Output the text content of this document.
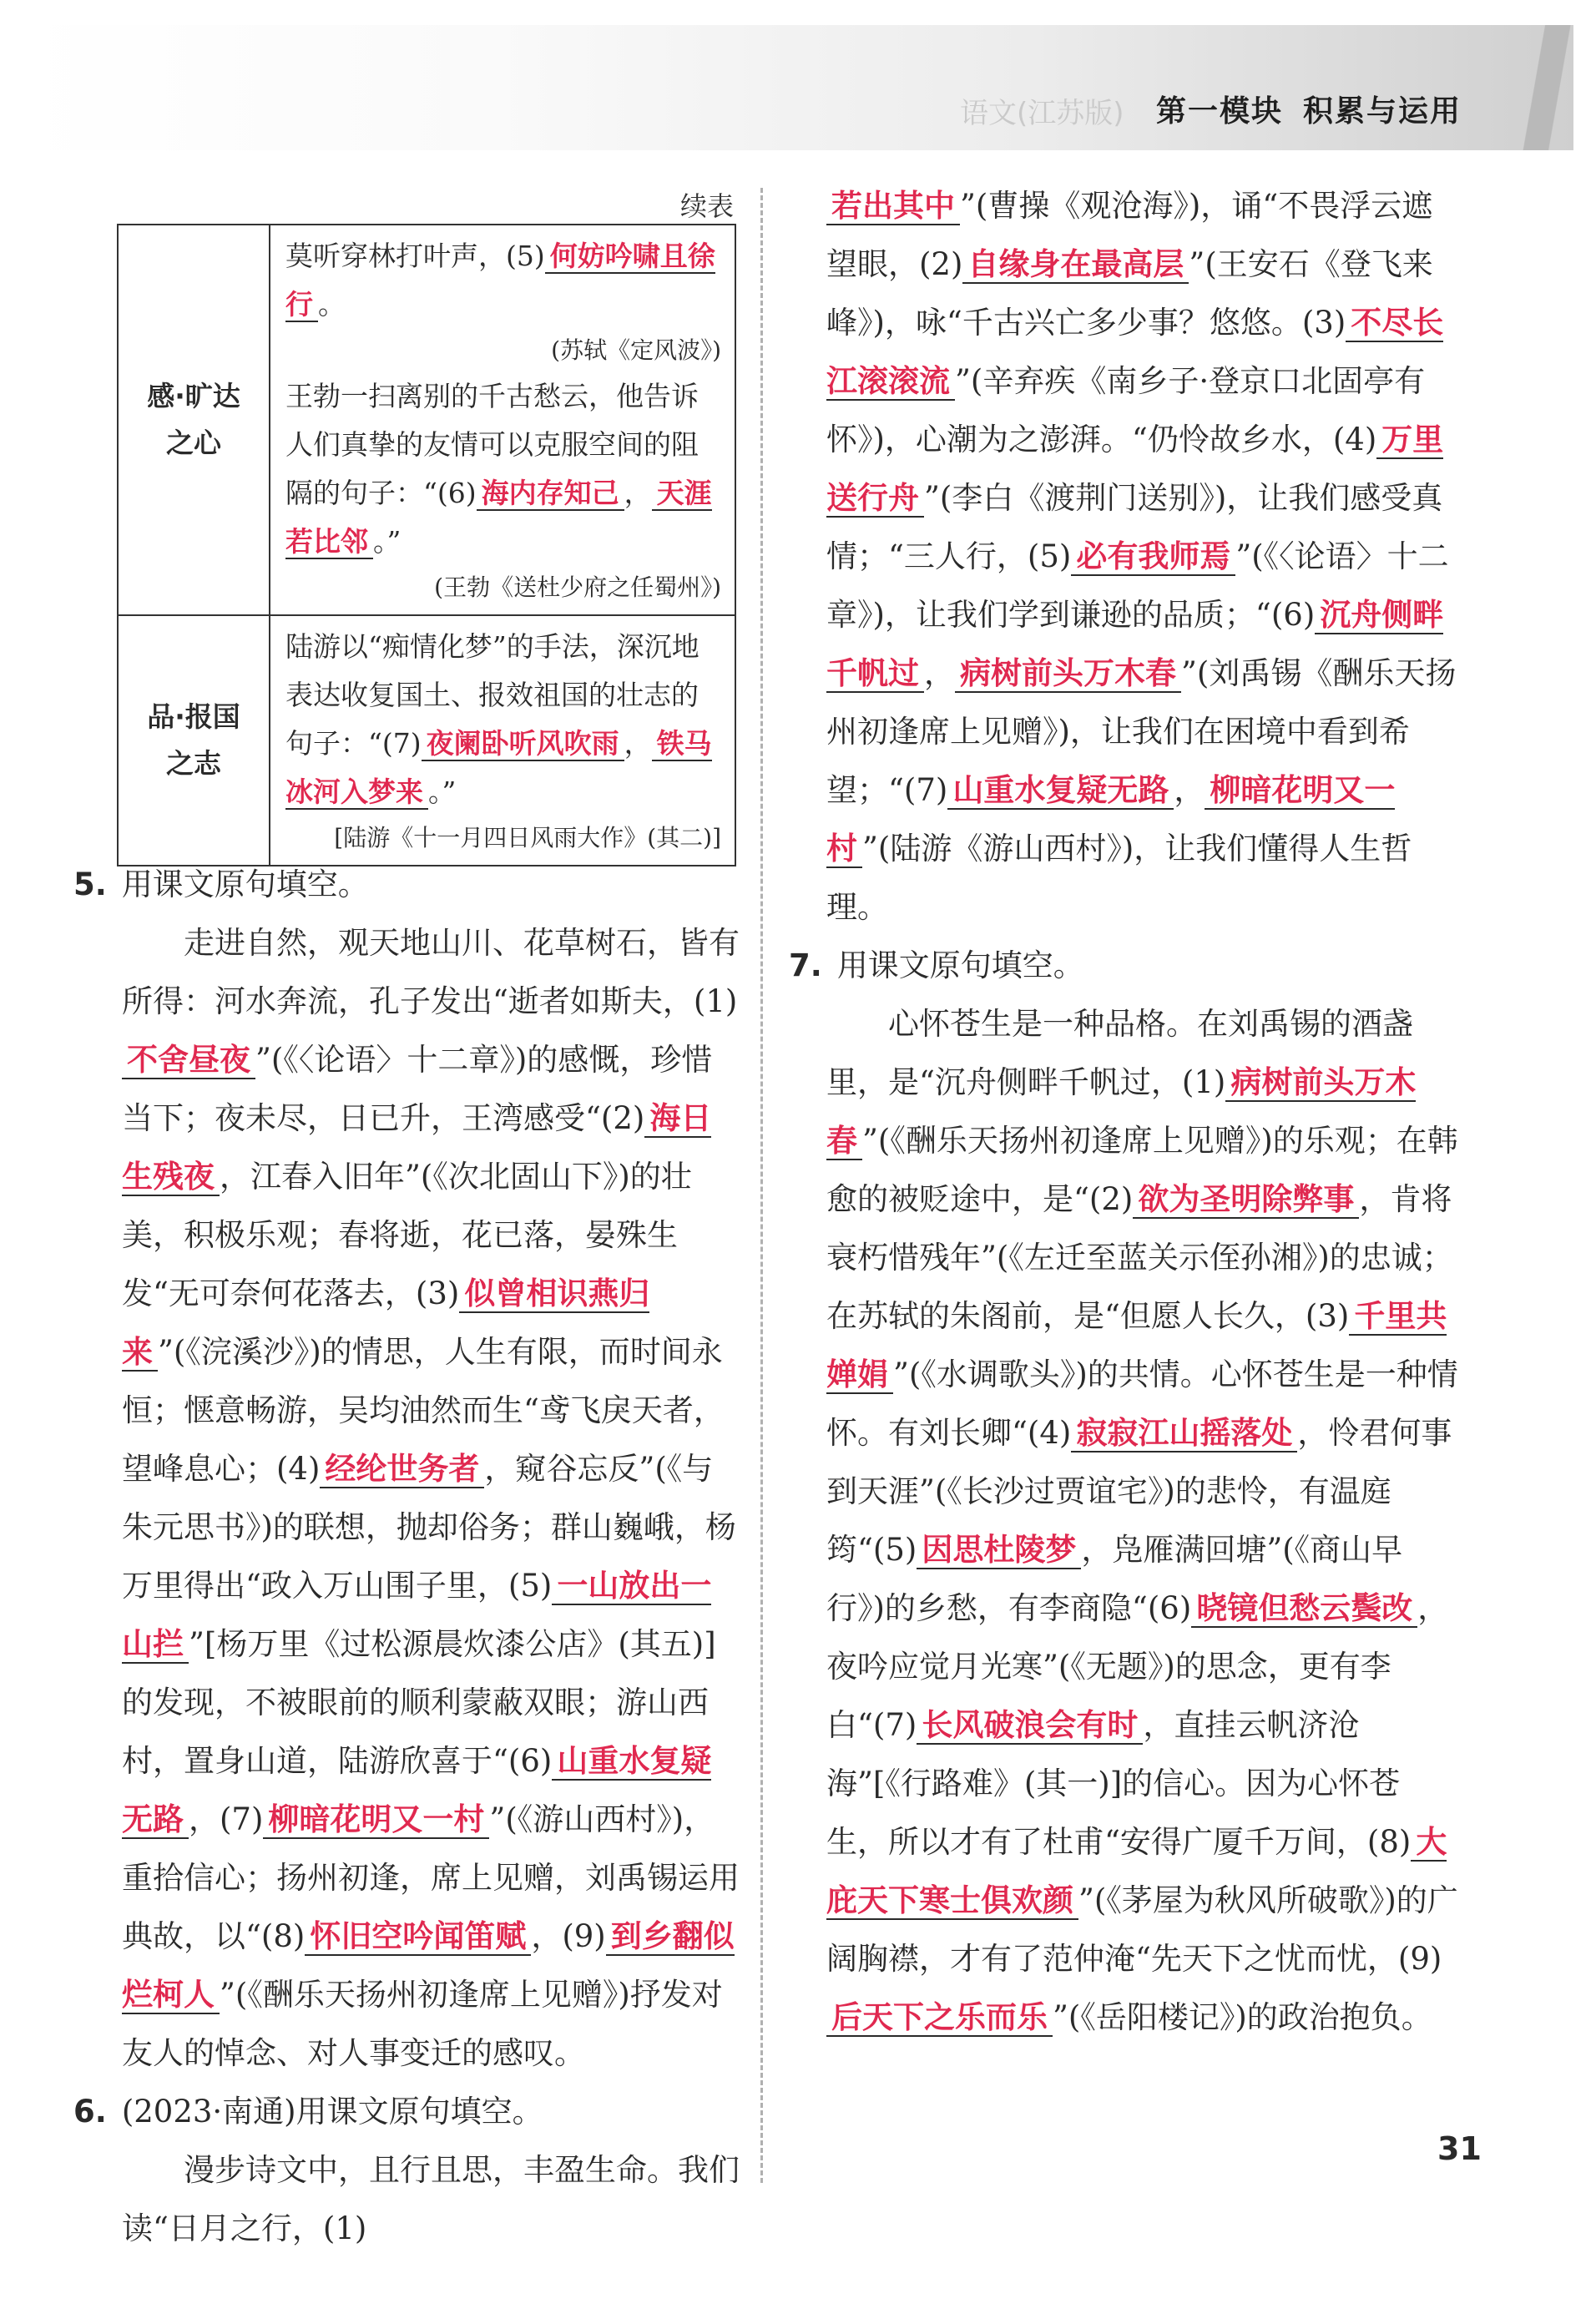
语文(江苏版) 第一模块 积累与运用
续表
感·旷达
之心	莫听穿林打叶声，(5) 何妨吟啸且徐行 。
(苏轼《定风波》)
王勃一扫离别的千古愁云，他告诉人们真挚的友情可以克服空间的阻隔的句子：“(6) 海内存知己 ， 天涯若比邻 。”
(王勃《送杜少府之任蜀州》)

品·报国
之志	陆游以“痴情化梦”的手法，深沉地表达收复国土、报效祖国的壮志的句子：“(7) 夜阑卧听风吹雨 ， 铁马冰河入梦来 。”
[陆游《十一月四日风雨大作》(其二)]

5. 用课文原句填空。

走进自然，观天地山川、花草树石，皆有所得：河水奔流，孔子发出“逝者如斯夫，(1)不舍昼夜 ”(《〈论语〉十二章》)的感慨，珍惜当下；夜未尽，日已升，王湾感受“(2) 海日生残夜 ，江春入旧年”(《次北固山下》)的壮美，积极乐观；春将逝，花已落，晏殊生发“无可奈何花落去，(3) 似曾相识燕归来 ”(《浣溪沙》)的情思，人生有限，而时间永恒；惬意畅游，吴均油然而生“鸢飞戾天者，望峰息心；(4) 经纶世务者 ，窥谷忘反”(《与朱元思书》)的联想，抛却俗务；群山巍峨，杨万里得出“政入万山围子里，(5) 一山放出一山拦 ”[杨万里《过松源晨炊漆公店》(其五)]的发现，不被眼前的顺利蒙蔽双眼；游山西村，置身山道，陆游欣喜于“(6) 山重水复疑无路 ，(7) 柳暗花明又一村 ”(《游山西村》)，重拾信心；扬州初逢，席上见赠，刘禹锡运用典故，以“(8) 怀旧空吟闻笛赋 ，(9) 到乡翻似烂柯人 ”(《酬乐天扬州初逢席上见赠》)抒发对友人的悼念、对人事变迁的感叹。

6. (2023·南通)用课文原句填空。

漫步诗文中，且行且思，丰盈生命。我们读“日月之行，(1)

若出其中 ”(曹操《观沧海》)，诵“不畏浮云遮望眼，(2) 自缘身在最高层 ”(王安石《登飞来峰》)，咏“千古兴亡多少事？悠悠。(3) 不尽长江滚滚流 ”(辛弃疾《南乡子·登京口北固亭有怀》)，心潮为之澎湃。“仍怜故乡水，(4) 万里送行舟 ”(李白《渡荆门送别》)，让我们感受真情；“三人行，(5) 必有我师焉 ”(《〈论语〉十二章》)，让我们学到谦逊的品质；“(6) 沉舟侧畔千帆过 ， 病树前头万木春 ”(刘禹锡《酬乐天扬州初逢席上见赠》)，让我们在困境中看到希望；“(7) 山重水复疑无路 ， 柳暗花明又一村 ”(陆游《游山西村》)，让我们懂得人生哲理。

7. 用课文原句填空。

心怀苍生是一种品格。在刘禹锡的酒盏里，是“沉舟侧畔千帆过，(1) 病树前头万木春 ”(《酬乐天扬州初逢席上见赠》)的乐观；在韩愈的被贬途中，是“(2) 欲为圣明除弊事 ，肯将衰朽惜残年”(《左迁至蓝关示侄孙湘》)的忠诚；在苏轼的朱阁前，是“但愿人长久，(3) 千里共婵娟 ”(《水调歌头》)的共情。心怀苍生是一种情怀。有刘长卿“(4) 寂寂江山摇落处 ，怜君何事到天涯”(《长沙过贾谊宅》)的悲怜，有温庭筠“(5) 因思杜陵梦 ，凫雁满回塘”(《商山早行》)的乡愁，有李商隐“(6) 晓镜但愁云鬓改 ，夜吟应觉月光寒”(《无题》)的思念，更有李白“(7) 长风破浪会有时 ，直挂云帆济沧海”[《行路难》(其一)]的信心。因为心怀苍生，所以才有了杜甫“安得广厦千万间，(8) 大庇天下寒士俱欢颜 ”(《茅屋为秋风所破歌》)的广阔胸襟，才有了范仲淹“先天下之忧而忧，(9)后天下之乐而乐 ”(《岳阳楼记》)的政治抱负。

31
